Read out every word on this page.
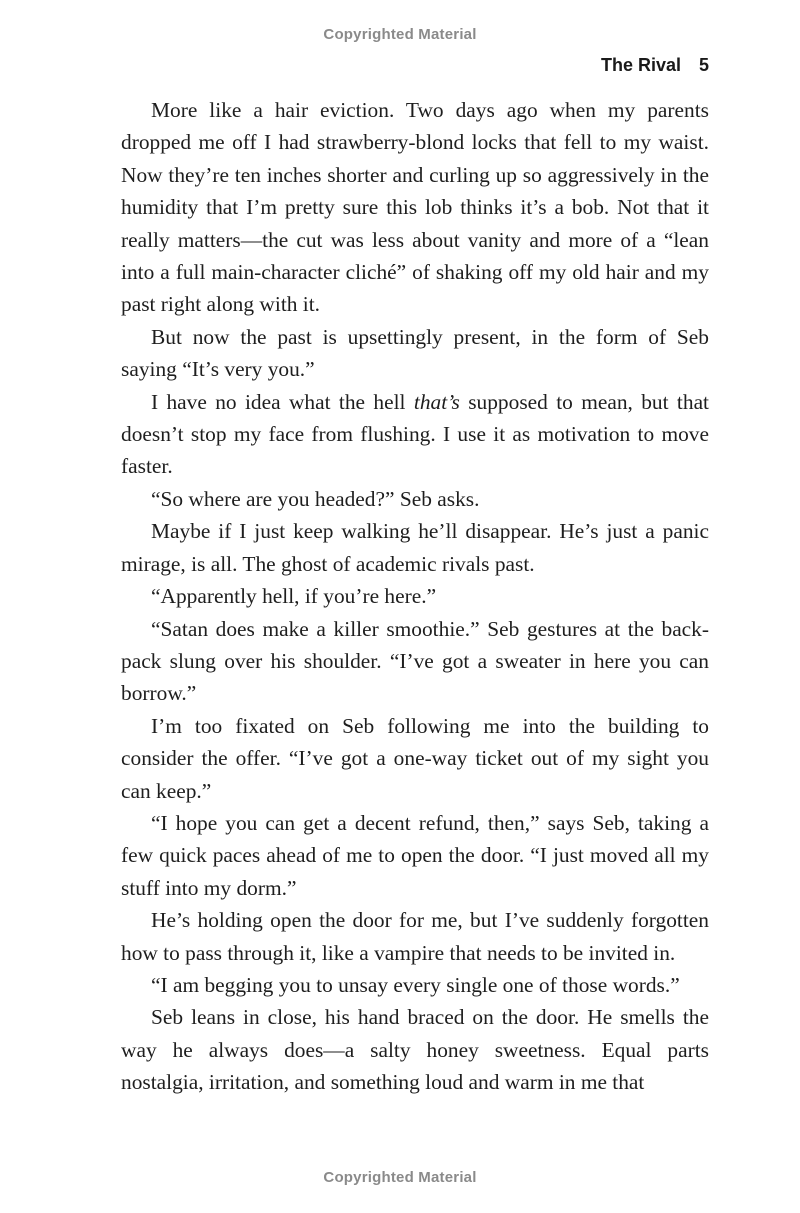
Copyrighted Material
The Rival 5

More like a hair eviction. Two days ago when my parents dropped me off I had strawberry-blond locks that fell to my waist. Now they’re ten inches shorter and curling up so aggressively in the humidity that I’m pretty sure this lob thinks it’s a bob. Not that it really matters—the cut was less about vanity and more of a “lean into a full main-character cliché” of shaking off my old hair and my past right along with it.

But now the past is upsettingly present, in the form of Seb saying “It’s very you.”

I have no idea what the hell that’s supposed to mean, but that doesn’t stop my face from flushing. I use it as motivation to move faster.

“So where are you headed?” Seb asks.

Maybe if I just keep walking he’ll disappear. He’s just a panic mirage, is all. The ghost of academic rivals past.

“Apparently hell, if you’re here.”

“Satan does make a killer smoothie.” Seb gestures at the backpack slung over his shoulder. “I’ve got a sweater in here you can borrow.”

I’m too fixated on Seb following me into the building to consider the offer. “I’ve got a one-way ticket out of my sight you can keep.”

“I hope you can get a decent refund, then,” says Seb, taking a few quick paces ahead of me to open the door. “I just moved all my stuff into my dorm.”

He’s holding open the door for me, but I’ve suddenly forgotten how to pass through it, like a vampire that needs to be invited in.

“I am begging you to unsay every single one of those words.”

Seb leans in close, his hand braced on the door. He smells the way he always does—a salty honey sweetness. Equal parts nostalgia, irritation, and something loud and warm in me that

Copyrighted Material
